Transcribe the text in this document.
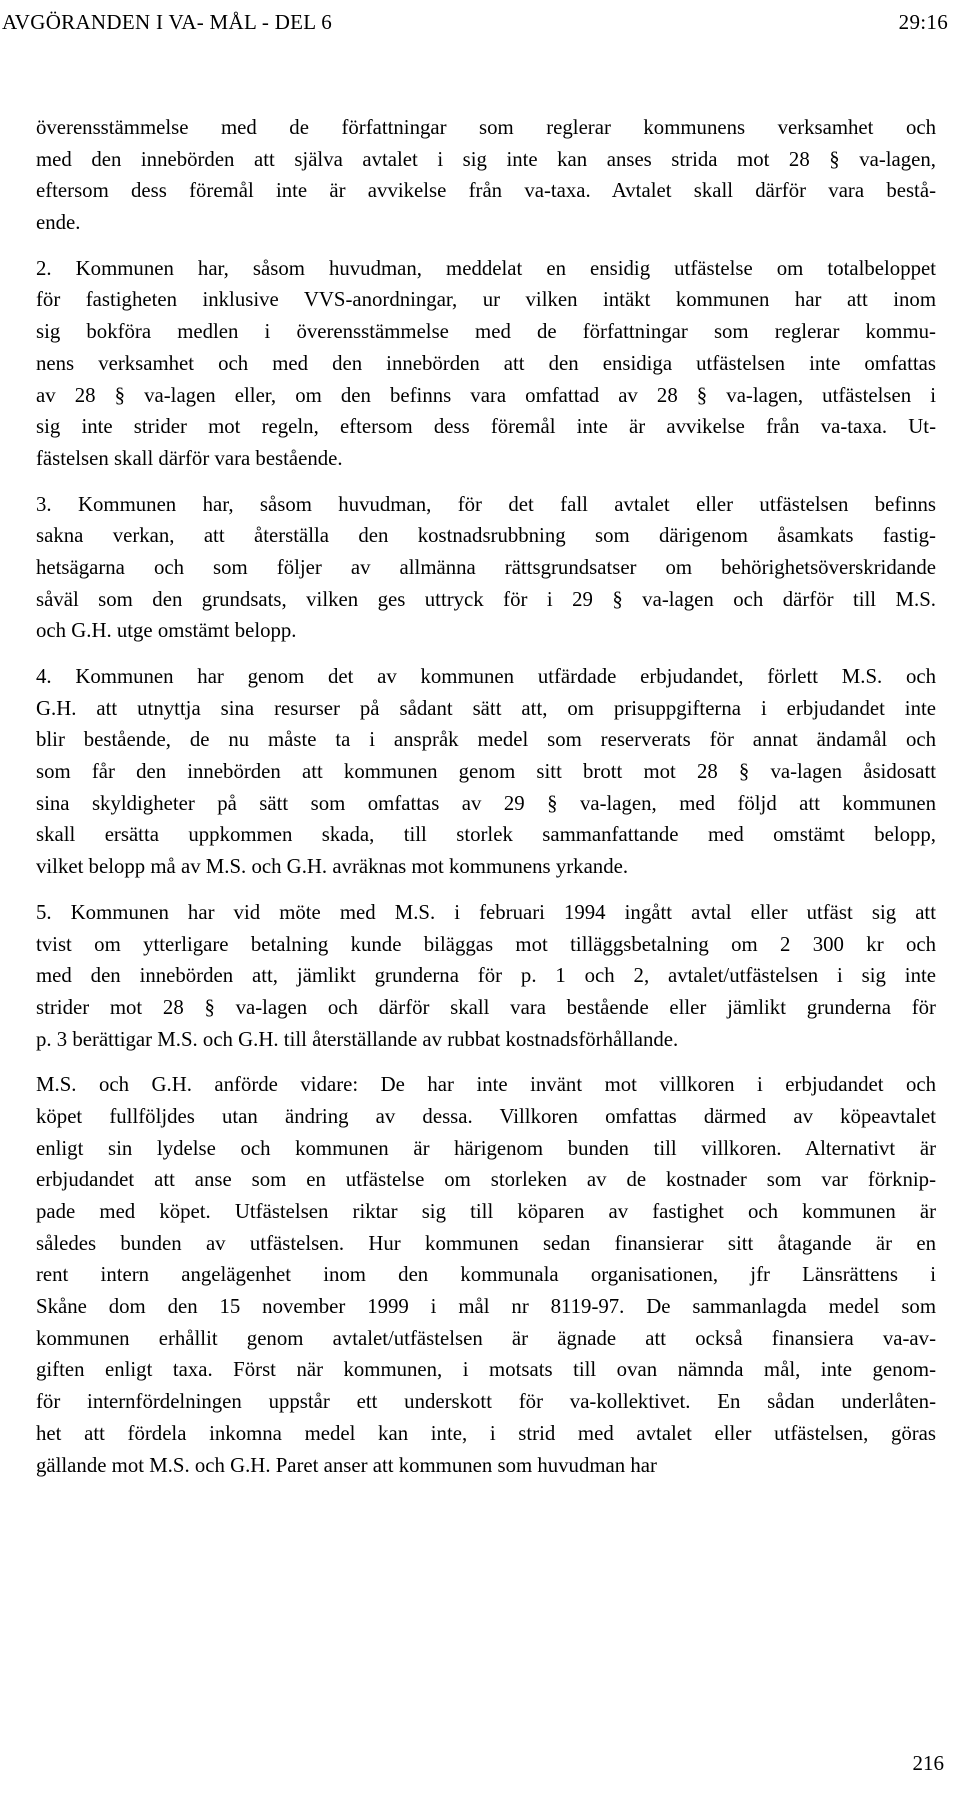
AVGÖRANDEN I VA- MÅL - DEL 6	29:16
överensstämmelse med de författningar som reglerar kommunens verksamhet och
med den innebörden att själva avtalet i sig inte kan anses strida mot 28 § va-lagen,
eftersom dess föremål inte är avvikelse från va-taxa. Avtalet skall därför vara bestå-
ende.
2. Kommunen har, såsom huvudman, meddelat en ensidig utfästelse om totalbeloppet
för fastigheten inklusive VVS-anordningar, ur vilken intäkt kommunen har att inom
sig bokföra medlen i överensstämmelse med de författningar som reglerar kommu-
nens verksamhet och med den innebörden att den ensidiga utfästelsen inte omfattas
av 28 § va-lagen eller, om den befinns vara omfattad av 28 § va-lagen, utfästelsen i
sig inte strider mot regeln, eftersom dess föremål inte är avvikelse från va-taxa. Ut-
fästelsen skall därför vara bestående.
3. Kommunen har, såsom huvudman, för det fall avtalet eller utfästelsen befinns
sakna verkan, att återställa den kostnadsrubbning som därigenom åsamkats fastig-
hetsägarna och som följer av allmänna rättsgrundsatser om behörighetsöverskridande
såväl som den grundsats, vilken ges uttryck för i 29 § va-lagen och därför till M.S.
och G.H. utge omstämt belopp.
4. Kommunen har genom det av kommunen utfärdade erbjudandet, förlett M.S. och
G.H. att utnyttja sina resurser på sådant sätt att, om prisuppgifterna i erbjudandet inte
blir bestående, de nu måste ta i anspråk medel som reserverats för annat ändamål och
som får den innebörden att kommunen genom sitt brott mot 28 § va-lagen åsidosatt
sina skyldigheter på sätt som omfattas av 29 § va-lagen, med följd att kommunen
skall ersätta uppkommen skada, till storlek sammanfattande med omstämt belopp,
vilket belopp må av M.S. och G.H. avräknas mot kommunens yrkande.
5. Kommunen har vid möte med M.S. i februari 1994 ingått avtal eller utfäst sig att
tvist om ytterligare betalning kunde biläggas mot tilläggsbetalning om 2 300 kr och
med den innebörden att, jämlikt grunderna för p. 1 och 2, avtalet/utfästelsen i sig inte
strider mot 28 § va-lagen och därför skall vara bestående eller jämlikt grunderna för
p. 3 berättigar M.S. och G.H. till återställande av rubbat kostnadsförhållande.
M.S. och G.H. anförde vidare: De har inte invänt mot villkoren i erbjudandet och
köpet fullföljdes utan ändring av dessa. Villkoren omfattas därmed av köpeavtalet
enligt sin lydelse och kommunen är härigenom bunden till villkoren. Alternativt är
erbjudandet att anse som en utfästelse om storleken av de kostnader som var förknip-
pade med köpet. Utfästelsen riktar sig till köparen av fastighet och kommunen är
således bunden av utfästelsen. Hur kommunen sedan finansierar sitt åtagande är en
rent intern angelägenhet inom den kommunala organisationen, jfr Länsrättens i
Skåne dom den 15 november 1999 i mål nr 8119-97. De sammanlagda medel som
kommunen erhållit genom avtalet/utfästelsen är ägnade att också finansiera va-av-
giften enligt taxa. Först när kommunen, i motsats till ovan nämnda mål, inte genom-
för internfördelningen uppstår ett underskott för va-kollektivet. En sådan underlåten-
het att fördela inkomna medel kan inte, i strid med avtalet eller utfästelsen, göras
gällande mot M.S. och G.H. Paret anser att kommunen som huvudman har
216
